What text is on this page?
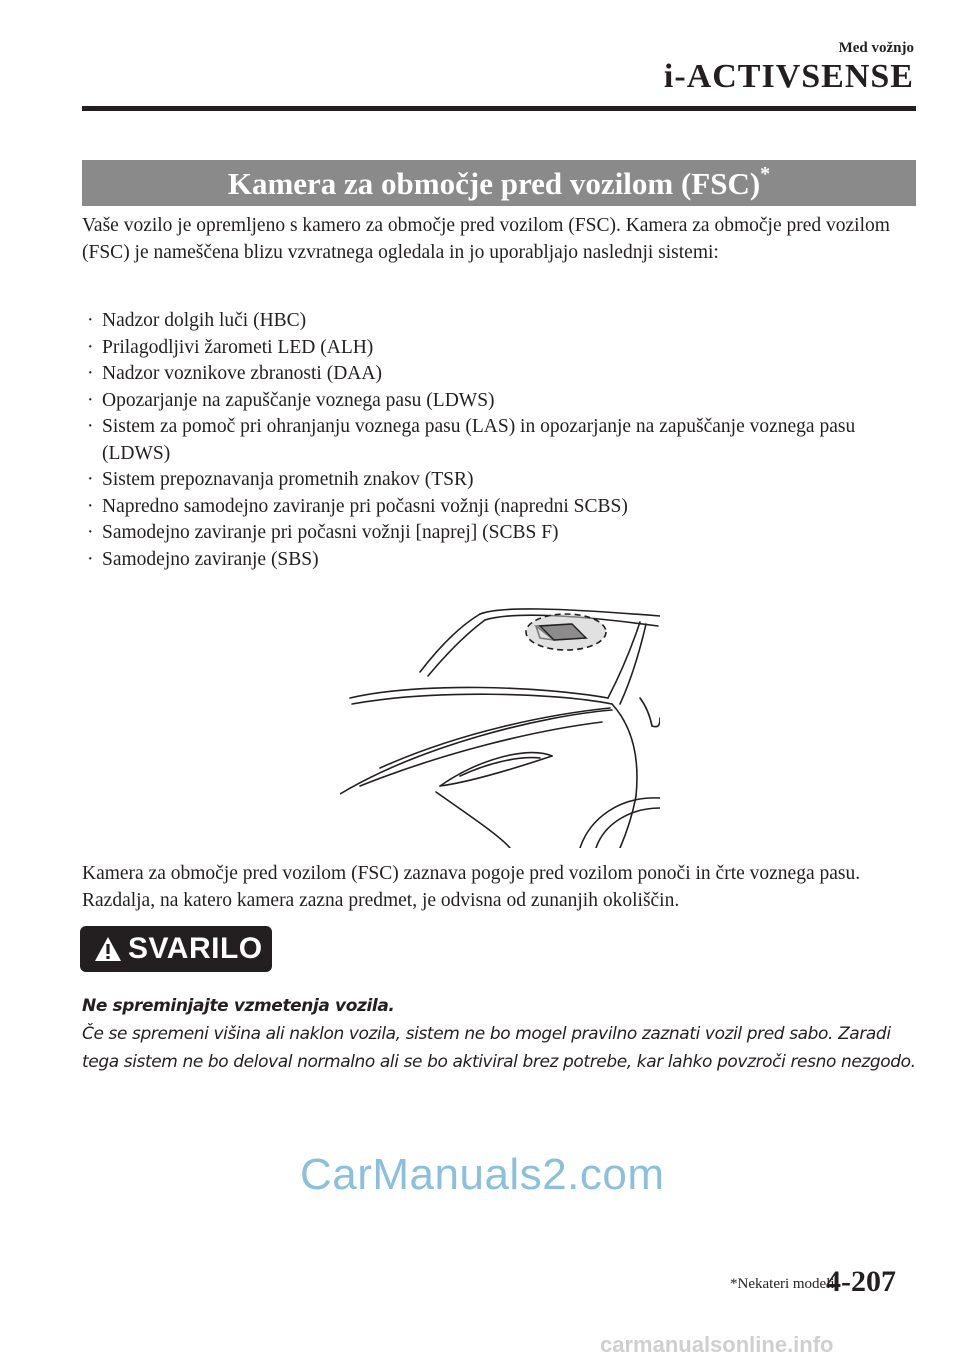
Med vožnjo
i-ACTIVSENSE
Kamera za območje pred vozilom (FSC)*
Vaše vozilo je opremljeno s kamero za območje pred vozilom (FSC). Kamera za območje pred vozilom (FSC) je nameščena blizu vzvratnega ogledala in jo uporabljajo naslednji sistemi:
· Nadzor dolgih luči (HBC)
· Prilagodljivi žarometi LED (ALH)
· Nadzor voznikove zbranosti (DAA)
· Opozarjanje na zapuščanje voznega pasu (LDWS)
· Sistem za pomoč pri ohranjanju voznega pasu (LAS) in opozarjanje na zapuščanje voznega pasu (LDWS)
· Sistem prepoznavanja prometnih znakov (TSR)
· Napredno samodejno zaviranje pri počasni vožnji (napredni SCBS)
· Samodejno zaviranje pri počasni vožnji [naprej] (SCBS F)
· Samodejno zaviranje (SBS)
Kamera za območje pred vozilom (FSC) zaznava pogoje pred vozilom ponoči in črte voznega pasu. Razdalja, na katero kamera zazna predmet, je odvisna od zunanjih okoliščin.
SVARILO
Ne spreminjajte vzmetenja vozila.
Če se spremeni višina ali naklon vozila, sistem ne bo mogel pravilno zaznati vozil pred sabo. Zaradi tega sistem ne bo deloval normalno ali se bo aktiviral brez potrebe, kar lahko povzroči resno nezgodo.
CarManuals2.com
*Nekateri modeli.
4-207
carmanualsonline.info
